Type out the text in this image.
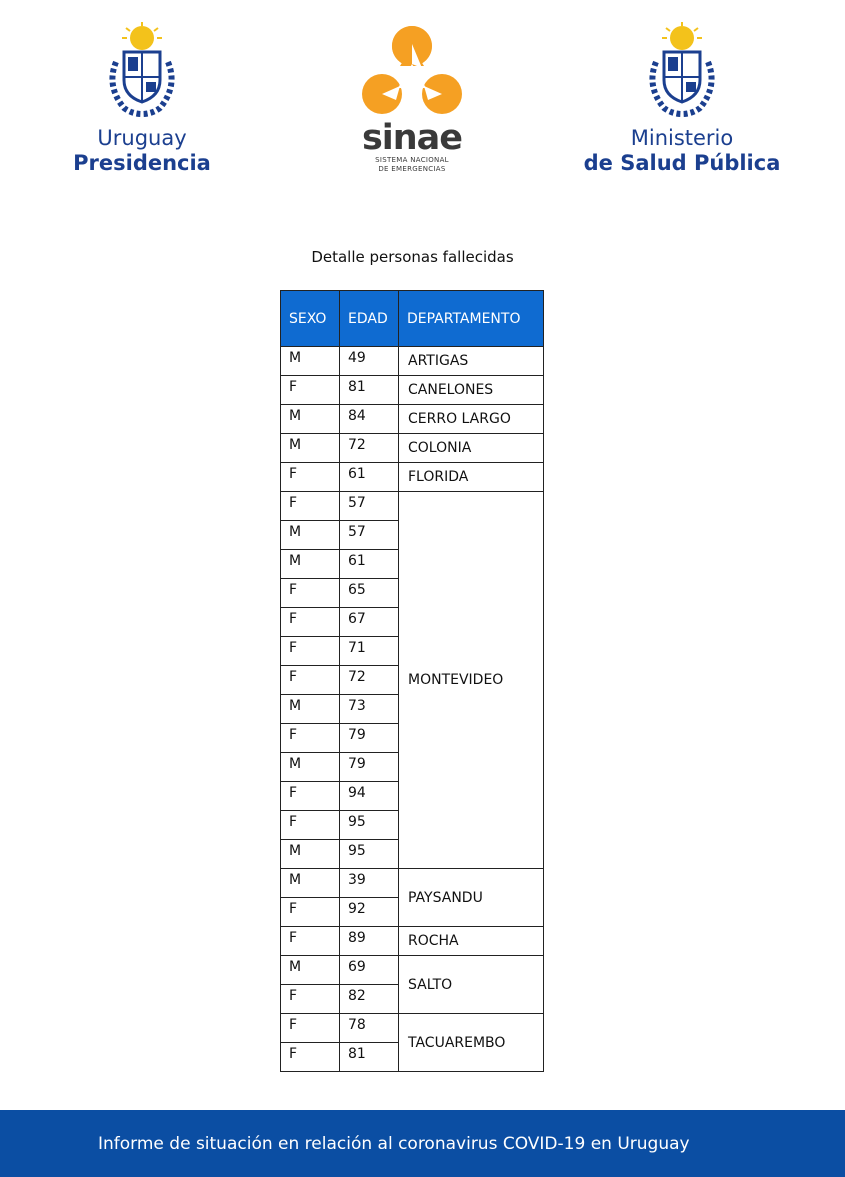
Uruguay
Presidencia
sinae
SISTEMA NACIONAL
DE EMERGENCIAS
Ministerio
de Salud Pública
Detalle personas fallecidas
SEXO	EDAD	DEPARTAMENTO
M	49	ARTIGAS
F	81	CANELONES
M	84	CERRO LARGO
M	72	COLONIA
F	61	FLORIDA
F	57	MONTEVIDEO
M	57	
M	61	
F	65	
F	67	
F	71	
F	72	
M	73	
F	79	
M	79	
F	94	
F	95	
M	95	
M	39	PAYSANDU
F	92	
F	89	ROCHA
M	69	SALTO
F	82	
F	78	TACUAREMBO
F	81	
Informe de situación en relación al coronavirus COVID-19 en Uruguay
